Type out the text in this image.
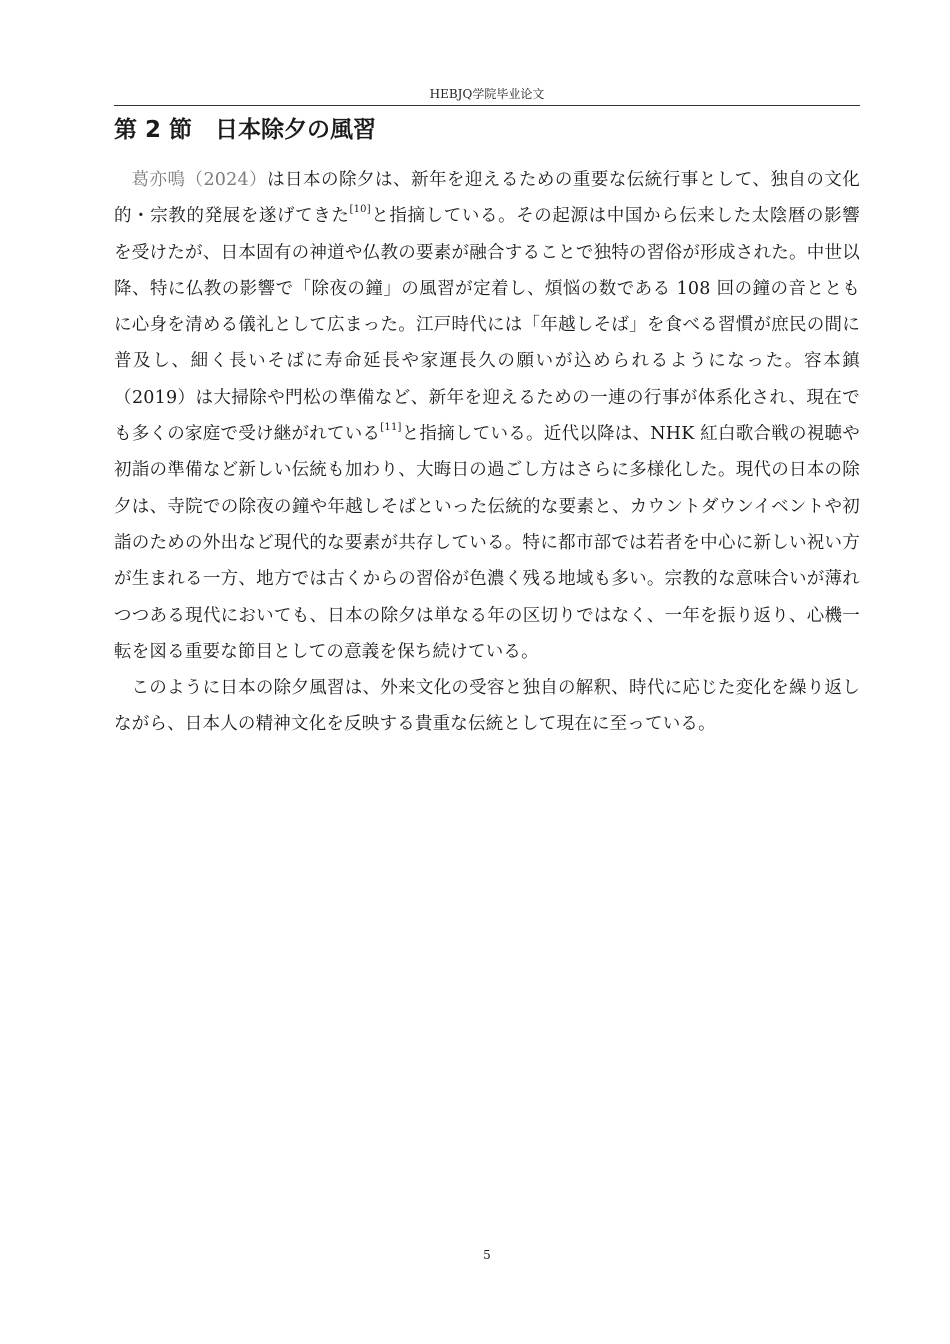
HEBJQ学院毕业论文
第 2 節　日本除夕の風習

葛亦鳴（2024）は日本の除夕は、新年を迎えるための重要な伝統行事として、独自の文化的・宗教的発展を遂げてきた[10]と指摘している。その起源は中国から伝来した太陰暦の影響を受けたが、日本固有の神道や仏教の要素が融合することで独特の習俗が形成された。中世以降、特に仏教の影響で「除夜の鐘」の風習が定着し、煩悩の数である 108 回の鐘の音とともに心身を清める儀礼として広まった。江戸時代には「年越しそば」を食べる習慣が庶民の間に普及し、細く長いそばに寿命延長や家運長久の願いが込められるようになった。容本鎮（2019）は大掃除や門松の準備など、新年を迎えるための一連の行事が体系化され、現在でも多くの家庭で受け継がれている[11]と指摘している。近代以降は、NHK 紅白歌合戦の視聴や初詣の準備など新しい伝統も加わり、大晦日の過ごし方はさらに多様化した。現代の日本の除夕は、寺院での除夜の鐘や年越しそばといった伝統的な要素と、カウントダウンイベントや初詣のための外出など現代的な要素が共存している。特に都市部では若者を中心に新しい祝い方が生まれる一方、地方では古くからの習俗が色濃く残る地域も多い。宗教的な意味合いが薄れつつある現代においても、日本の除夕は単なる年の区切りではなく、一年を振り返り、心機一転を図る重要な節目としての意義を保ち続けている。

このように日本の除夕風習は、外来文化の受容と独自の解釈、時代に応じた変化を繰り返しながら、日本人の精神文化を反映する貴重な伝統として現在に至っている。

5
